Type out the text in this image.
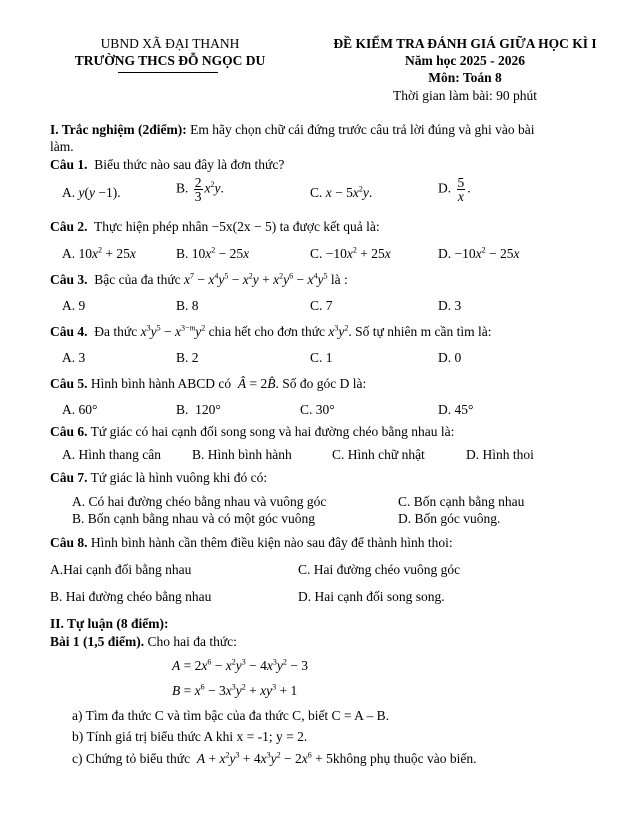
UBND XÃ ĐẠI THANH
TRƯỜNG THCS ĐỖ NGỌC DU
ĐỀ KIỂM TRA ĐÁNH GIÁ GIỮA HỌC KÌ I
Năm học 2025 - 2026
Môn: Toán 8
Thời gian làm bài: 90 phút
I. Trắc nghiệm (2điểm): Em hãy chọn chữ cái đứng trước câu trả lời đúng và ghi vào bài
làm.
Câu 1. Biểu thức nào sau đây là đơn thức?
A. y(y −1).	B. $\frac{2}{3} x^2y$.	C. $x - 5x^2y$.	D. $\frac{5}{x}$ .
Câu 2. Thực hiện phép nhân −5x(2x − 5) ta được kết quả là:
A. $10x^2 + 25x$	B. $10x^2 - 25x$	C. $-10x^2 + 25x$	D. $-10x^2 - 25x$
Câu 3. Bậc của đa thức $x^7 - x^4y^5 - x^2y + x^2y^6 - x^4y^5$ là :
A. 9	B. 8	C. 7	D. 3
Câu 4. Đa thức $x^3y^5 - x^{3-m}y^2$ chia hết cho đơn thức $x^3y^2$. Số tự nhiên m cần tìm là:
A. 3	B. 2	C. 1	D. 0
Câu 5. Hình bình hành ABCD có Â = 2B̂. Số đo góc D là:
A. 60°	B. 120°	C. 30°	D. 45°
Câu 6. Tứ giác có hai cạnh đối song song và hai đường chéo bằng nhau là:
A. Hình thang cân B. Hình bình hành	C. Hình chữ nhật	D. Hình thoi
Câu 7. Tứ giác là hình vuông khi đó có:
A. Có hai đường chéo bằng nhau và vuông góc
B. Bốn cạnh bằng nhau và có một góc vuông
C. Bốn cạnh bằng nhau
D. Bốn góc vuông.
Câu 8. Hình bình hành cần thêm điều kiện nào sau đây để thành hình thoi:
A.Hai cạnh đối bằng nhau
B. Hai đường chéo bằng nhau
C. Hai đường chéo vuông góc
D. Hai cạnh đối song song.
II. Tự luận (8 điểm):
Bài 1 (1,5 điểm). Cho hai đa thức:
$A = 2x^6 - x^2y^3 - 4x^3y^2 - 3$
$B = x^6 - 3x^3y^2 + xy^3 + 1$
a) Tìm đa thức C và tìm bậc của đa thức C, biết C = A – B.
b) Tính giá trị biểu thức A khi x = -1; y = 2.
c) Chứng tỏ biểu thức $A + x^2y^3 + 4x^3y^2 - 2x^6$ + 5không phụ thuộc vào biến.
